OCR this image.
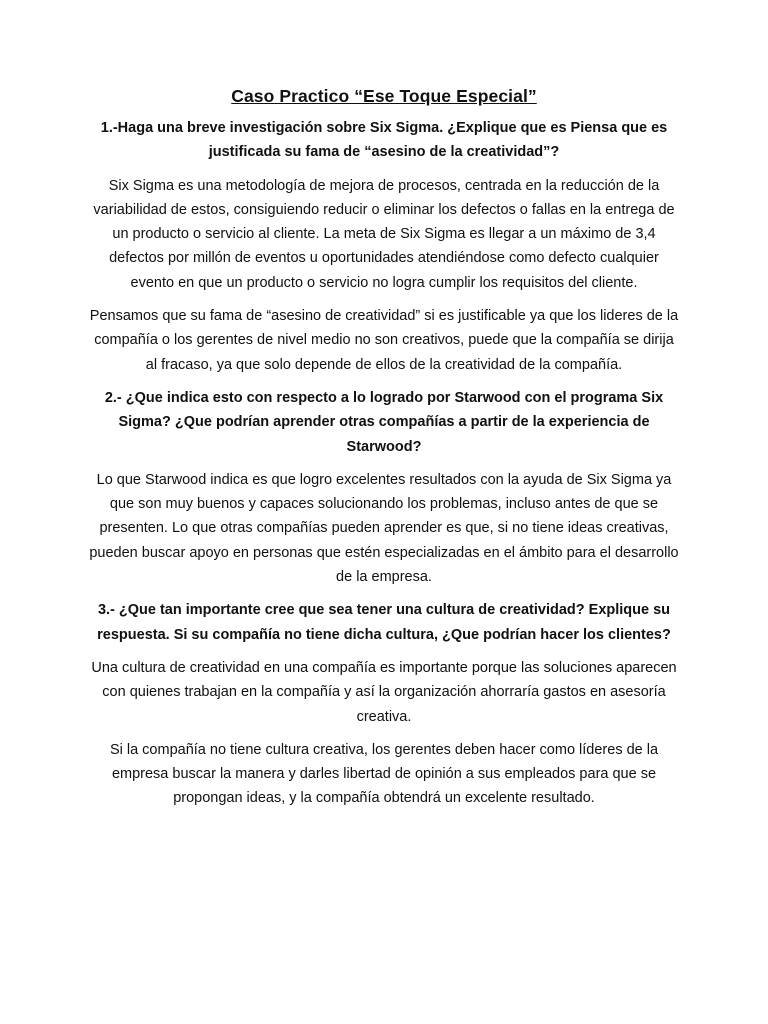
Caso Practico “Ese Toque Especial”

1.-Haga una breve investigación sobre Six Sigma. ¿Explique que es Piensa que es justificada su fama de “asesino de la creatividad”?

Six Sigma es una metodología de mejora de procesos, centrada en la reducción de la variabilidad de estos, consiguiendo reducir o eliminar los defectos o fallas en la entrega de un producto o servicio al cliente. La meta de Six Sigma es llegar a un máximo de 3,4 defectos por millón de eventos u oportunidades atendiéndose como defecto cualquier evento en que un producto o servicio no logra cumplir los requisitos del cliente.

Pensamos que su fama de “asesino de creatividad” si es justificable ya que los lideres de la compañía o los gerentes de nivel medio no son creativos, puede que la compañía se dirija al fracaso, ya que solo depende de ellos de la creatividad de la compañía.

2.- ¿Que indica esto con respecto a lo logrado por Starwood con el programa Six Sigma? ¿Que podrían aprender otras compañías a partir de la experiencia de Starwood?

Lo que Starwood indica es que logro excelentes resultados con la ayuda de Six Sigma ya que son muy buenos y capaces solucionando los problemas, incluso antes de que se presenten. Lo que otras compañías pueden aprender es que, si no tiene ideas creativas, pueden buscar apoyo en personas que estén especializadas en el ámbito para el desarrollo de la empresa.

3.- ¿Que tan importante cree que sea tener una cultura de creatividad? Explique su respuesta. Si su compañía no tiene dicha cultura, ¿Que podrían hacer los clientes?

Una cultura de creatividad en una compañía es importante porque las soluciones aparecen con quienes trabajan en la compañía y así la organización ahorraría gastos en asesoría creativa.

Si la compañía no tiene cultura creativa, los gerentes deben hacer como líderes de la empresa buscar la manera y darles libertad de opinión a sus empleados para que se propongan ideas, y la compañía obtendrá un excelente resultado.
